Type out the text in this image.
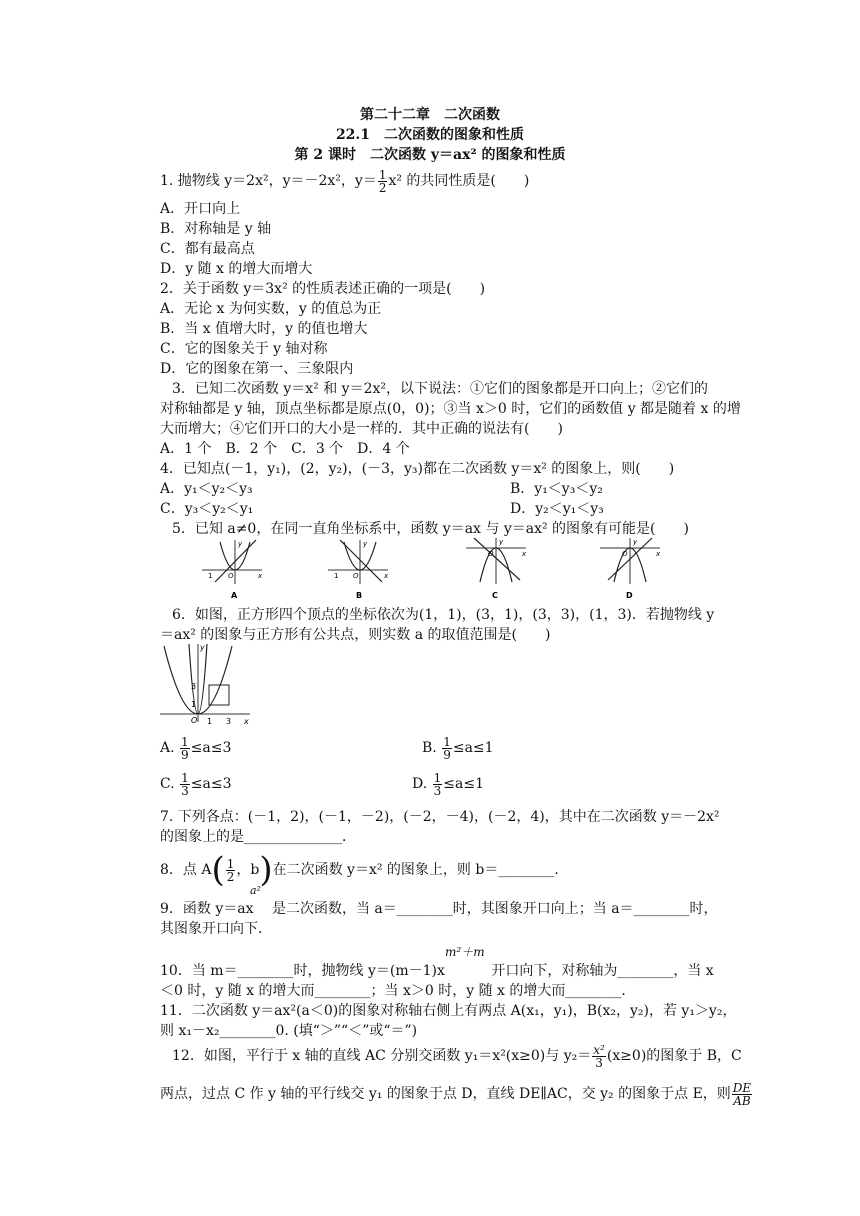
第二十二章　二次函数
22.1　二次函数的图象和性质
第 2 课时　二次函数 y＝ax² 的图象和性质
1. 抛物线 y＝2x²，y＝－2x²，$y= \frac{1}{2} x^2$ 的共同性质是(　　)
A．开口向上
B．对称轴是 y 轴
C．都有最高点
D．y 随 x 的增大而增大
2．关于函数 y＝3x² 的性质表述正确的一项是(　　)
A．无论 x 为何实数，y 的值总为正
B．当 x 值增大时，y 的值也增大
C．它的图象关于 y 轴对称
D．它的图象在第一、三象限内
3．已知二次函数 y＝x² 和 y＝2x²，以下说法：①它们的图象都是开口向上；②它们的
对称轴都是 y 轴，顶点坐标都是原点(0，0)；③当 x＞0 时，它们的函数值 y 都是随着 x 的增
大而增大；④它们开口的大小是一样的．其中正确的说法有(　　)
A．1 个　B．2 个　C．3 个　D．4 个
4．已知点(－1，y₁)，(2，y₂)，(－3，y₃)都在二次函数 y＝x² 的图象上，则(　　)
A．y₁＜y₂＜y₃	B．y₁＜y₃＜y₂
C．y₃＜y₂＜y₁	D．y₂＜y₁＜y₃
5．已知 a≠0，在同一直角坐标系中，函数 y＝ax 与 y＝ax² 的图象有可能是(　　)
y
x
O
1
A
y
x
O
1
B
y
x
O
C
y
x
O
D
6．如图，正方形四个顶点的坐标依次为(1，1)，(3，1)，(3，3)，(1，3)．若抛物线 y
＝ax² 的图象与正方形有公共点，则实数 a 的取值范围是(　　)
y
x
O 1 3
1
3
A. $\frac{1}{9} \le a\le 3$	B. $\frac{1}{9} \le a\le 1$
C. $\frac{1}{3} \le a\le 3$	D. $\frac{1}{3} \le a\le 1$
7. 下列各点：(－1，2)，(－1，－2)，(－2，－4)，(－2，4)，其中在二次函数 y＝－2x²
的图象上的是______________．
8．点 $A( \frac{1}{2}$ ，b)在二次函数 y＝x² 的图象上，则 b＝________．
a²
9．函数 y＝ax 　是二次函数，当 a＝________时，其图象开口向上；当 a＝________时，
其图象开口向下．
m²＋m
10．当 m＝________时，抛物线 y＝(m－1)x 　　　开口向下，对称轴为________，当 x
＜0 时，y 随 x 的增大而________；当 x＞0 时，y 随 x 的增大而________．
11．二次函数 y＝ax²(a＜0)的图象对称轴右侧上有两点 A(x₁，y₁)，B(x₂，y₂)，若 y₁＞y₂，
则 x₁－x₂________0. (填“＞”“＜”或“＝”)
12．如图，平行于 x 轴的直线 AC 分别交函数 y₁＝x²(x≥0)与 $y_2= \frac{\text{x²}}{3} (x\ge 0)$的图象于 B，C
两点，过点 C 作 y 轴的平行线交 y₁ 的图象于点 D，直线 DE∥AC，交 y₂ 的图象于点 E，则 $\frac{DE}{AB}$
